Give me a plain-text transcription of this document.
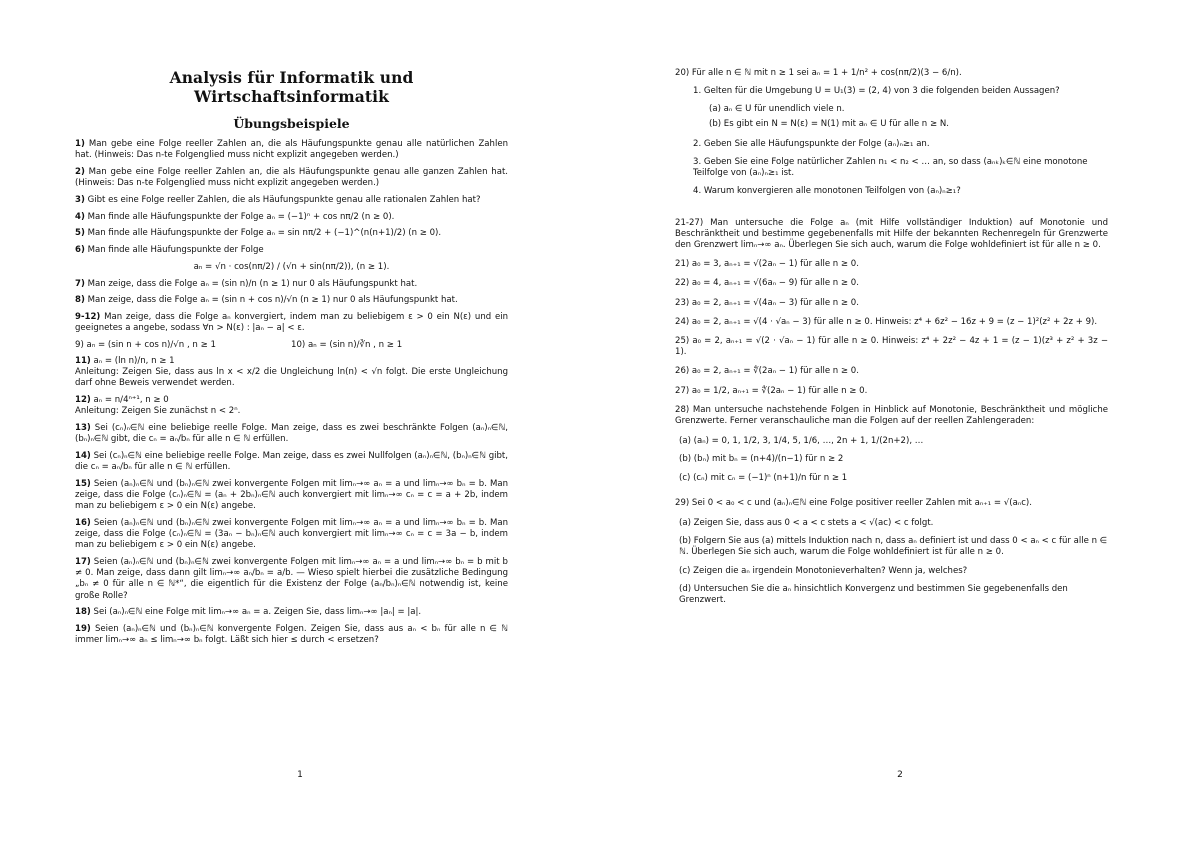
Analysis für Informatik und Wirtschaftsinformatik
Übungsbeispiele
1) Man gebe eine Folge reeller Zahlen an, die als Häufungspunkte genau alle natürlichen Zahlen hat. (Hinweis: Das n-te Folgenglied muss nicht explizit angegeben werden.)
2) Man gebe eine Folge reeller Zahlen an, die als Häufungspunkte genau alle ganzen Zahlen hat. (Hinweis: Das n-te Folgenglied muss nicht explizit angegeben werden.)
3) Gibt es eine Folge reeller Zahlen, die als Häufungspunkte genau alle rationalen Zahlen hat?
4) Man finde alle Häufungspunkte der Folge aₙ = (−1)ⁿ + cos nπ/2 (n ≥ 0).
5) Man finde alle Häufungspunkte der Folge aₙ = sin nπ/2 + (−1)^(n(n+1)/2) (n ≥ 0).
6) Man finde alle Häufungspunkte der Folge
aₙ = √n · cos(nπ/2) / (√n + sin(nπ/2)), (n ≥ 1).
7) Man zeige, dass die Folge aₙ = (sin n)/n (n ≥ 1) nur 0 als Häufungspunkt hat.
8) Man zeige, dass die Folge aₙ = (sin n + cos n)/√n (n ≥ 1) nur 0 als Häufungspunkt hat.
9-12) Man zeige, dass die Folge aₙ konvergiert, indem man zu beliebigem ε > 0 ein N(ε) und ein geeignetes a angebe, sodass ∀n > N(ε) : |aₙ − a| < ε.
9) aₙ = (sin n + cos n)/√n , n ≥ 1	10) aₙ = (sin n)/∛n , n ≥ 1
11) aₙ = (ln n)/n, n ≥ 1
Anleitung: Zeigen Sie, dass aus ln x < x/2 die Ungleichung ln(n) < √n folgt. Die erste Ungleichung darf ohne Beweis verwendet werden.
12) aₙ = n/4ⁿ⁺¹, n ≥ 0
Anleitung: Zeigen Sie zunächst n < 2ⁿ.
13) Sei (cₙ)ₙ∈ℕ eine beliebige reelle Folge. Man zeige, dass es zwei beschränkte Folgen (aₙ)ₙ∈ℕ, (bₙ)ₙ∈ℕ gibt, die cₙ = aₙ/bₙ für alle n ∈ ℕ erfüllen.
14) Sei (cₙ)ₙ∈ℕ eine beliebige reelle Folge. Man zeige, dass es zwei Nullfolgen (aₙ)ₙ∈ℕ, (bₙ)ₙ∈ℕ gibt, die cₙ = aₙ/bₙ für alle n ∈ ℕ erfüllen.
15) Seien (aₙ)ₙ∈ℕ und (bₙ)ₙ∈ℕ zwei konvergente Folgen mit limₙ→∞ aₙ = a und limₙ→∞ bₙ = b. Man zeige, dass die Folge (cₙ)ₙ∈ℕ = (aₙ + 2bₙ)ₙ∈ℕ auch konvergiert mit limₙ→∞ cₙ = c = a + 2b, indem man zu beliebigem ε > 0 ein N(ε) angebe.
16) Seien (aₙ)ₙ∈ℕ und (bₙ)ₙ∈ℕ zwei konvergente Folgen mit limₙ→∞ aₙ = a und limₙ→∞ bₙ = b. Man zeige, dass die Folge (cₙ)ₙ∈ℕ = (3aₙ − bₙ)ₙ∈ℕ auch konvergiert mit limₙ→∞ cₙ = c = 3a − b, indem man zu beliebigem ε > 0 ein N(ε) angebe.
17) Seien (aₙ)ₙ∈ℕ und (bₙ)ₙ∈ℕ zwei konvergente Folgen mit limₙ→∞ aₙ = a und limₙ→∞ bₙ = b mit b ≠ 0. Man zeige, dass dann gilt limₙ→∞ aₙ/bₙ = a/b. — Wieso spielt hierbei die zusätzliche Bedingung „bₙ ≠ 0 für alle n ∈ ℕ*“, die eigentlich für die Existenz der Folge (aₙ/bₙ)ₙ∈ℕ notwendig ist, keine große Rolle?
18) Sei (aₙ)ₙ∈ℕ eine Folge mit limₙ→∞ aₙ = a. Zeigen Sie, dass limₙ→∞ |aₙ| = |a|.
19) Seien (aₙ)ₙ∈ℕ und (bₙ)ₙ∈ℕ konvergente Folgen. Zeigen Sie, dass aus aₙ < bₙ für alle n ∈ ℕ immer limₙ→∞ aₙ ≤ limₙ→∞ bₙ folgt. Läßt sich hier ≤ durch < ersetzen?
1
20) Für alle n ∈ ℕ mit n ≥ 1 sei aₙ = 1 + 1/n² + cos(nπ/2)(3 − 6/n).
1. Gelten für die Umgebung U = U₁(3) = (2, 4) von 3 die folgenden beiden Aussagen?
(a) aₙ ∈ U für unendlich viele n.
(b) Es gibt ein N = N(ε) = N(1) mit aₙ ∈ U für alle n ≥ N.
2. Geben Sie alle Häufungspunkte der Folge (aₙ)ₙ≥₁ an.
3. Geben Sie eine Folge natürlicher Zahlen n₁ < n₂ < … an, so dass (aₙₖ)ₖ∈ℕ eine monotone Teilfolge von (aₙ)ₙ≥₁ ist.
4. Warum konvergieren alle monotonen Teilfolgen von (aₙ)ₙ≥₁?
21-27) Man untersuche die Folge aₙ (mit Hilfe vollständiger Induktion) auf Monotonie und Beschränktheit und bestimme gegebenenfalls mit Hilfe der bekannten Rechenregeln für Grenzwerte den Grenzwert limₙ→∞ aₙ. Überlegen Sie sich auch, warum die Folge wohldefiniert ist für alle n ≥ 0.
21) a₀ = 3, aₙ₊₁ = √(2aₙ − 1) für alle n ≥ 0.
22) a₀ = 4, aₙ₊₁ = √(6aₙ − 9) für alle n ≥ 0.
23) a₀ = 2, aₙ₊₁ = √(4aₙ − 3) für alle n ≥ 0.
24) a₀ = 2, aₙ₊₁ = √(4 · √aₙ − 3) für alle n ≥ 0. Hinweis: z⁴ + 6z² − 16z + 9 = (z − 1)²(z² + 2z + 9).
25) a₀ = 2, aₙ₊₁ = √(2 · √aₙ − 1) für alle n ≥ 0. Hinweis: z⁴ + 2z² − 4z + 1 = (z − 1)(z³ + z² + 3z − 1).
26) a₀ = 2, aₙ₊₁ = ∜(2aₙ − 1) für alle n ≥ 0.
27) a₀ = 1/2, aₙ₊₁ = ∜(2aₙ − 1) für alle n ≥ 0.
28) Man untersuche nachstehende Folgen in Hinblick auf Monotonie, Beschränktheit und mögliche Grenzwerte. Ferner veranschauliche man die Folgen auf der reellen Zahlengeraden:
(a) (aₙ) = 0, 1, 1/2, 3, 1/4, 5, 1/6, …, 2n + 1, 1/(2n+2), …
(b) (bₙ) mit bₙ = (n+4)/(n−1) für n ≥ 2
(c) (cₙ) mit cₙ = (−1)ⁿ (n+1)/n für n ≥ 1
29) Sei 0 < a₀ < c und (aₙ)ₙ∈ℕ eine Folge positiver reeller Zahlen mit aₙ₊₁ = √(aₙc).
(a) Zeigen Sie, dass aus 0 < a < c stets a < √(ac) < c folgt.
(b) Folgern Sie aus (a) mittels Induktion nach n, dass aₙ definiert ist und dass 0 < aₙ < c für alle n ∈ ℕ. Überlegen Sie sich auch, warum die Folge wohldefiniert ist für alle n ≥ 0.
(c) Zeigen die aₙ irgendein Monotonieverhalten? Wenn ja, welches?
(d) Untersuchen Sie die aₙ hinsichtlich Konvergenz und bestimmen Sie gegebenenfalls den Grenzwert.
2
